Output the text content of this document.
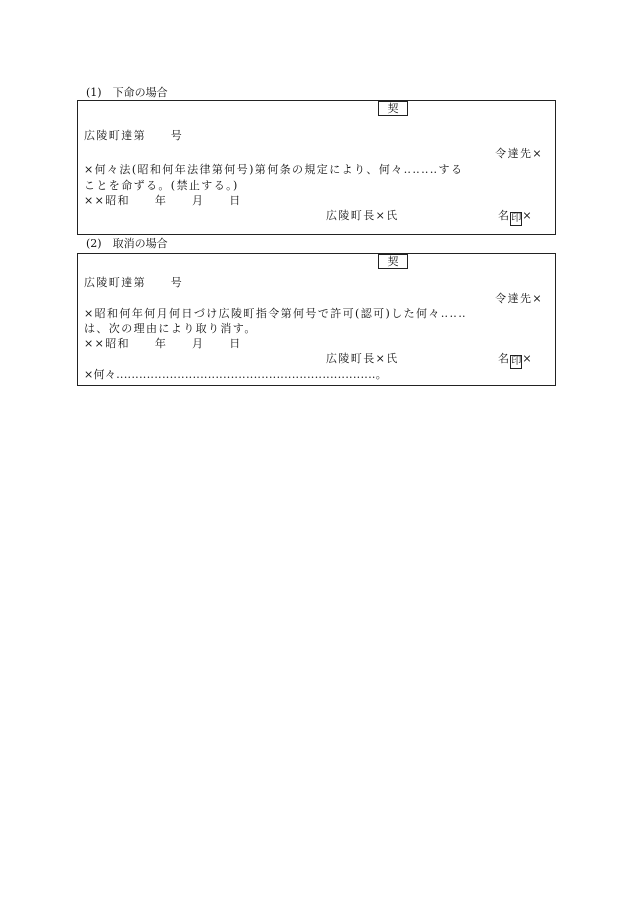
(1)　下命の場合
契
広陵町達第　　号
令達先×
×何々法(昭和何年法律第何号)第何条の規定により、何々‥‥‥‥する
ことを命ずる。(禁止する。)
××昭和　　年　　月　　日
広陵町長×氏	名印×
(2)　取消の場合
契
広陵町達第　　号
令達先×
×昭和何年何月何日づけ広陵町指令第何号で許可(認可)した何々‥‥‥
は、次の理由により取り消す。
××昭和　　年　　月　　日
広陵町長×氏	名印×
×何々‥‥‥‥‥‥‥‥‥‥‥‥‥‥‥‥‥‥‥‥‥‥‥‥‥‥‥‥‥‥‥‥‥‥。
